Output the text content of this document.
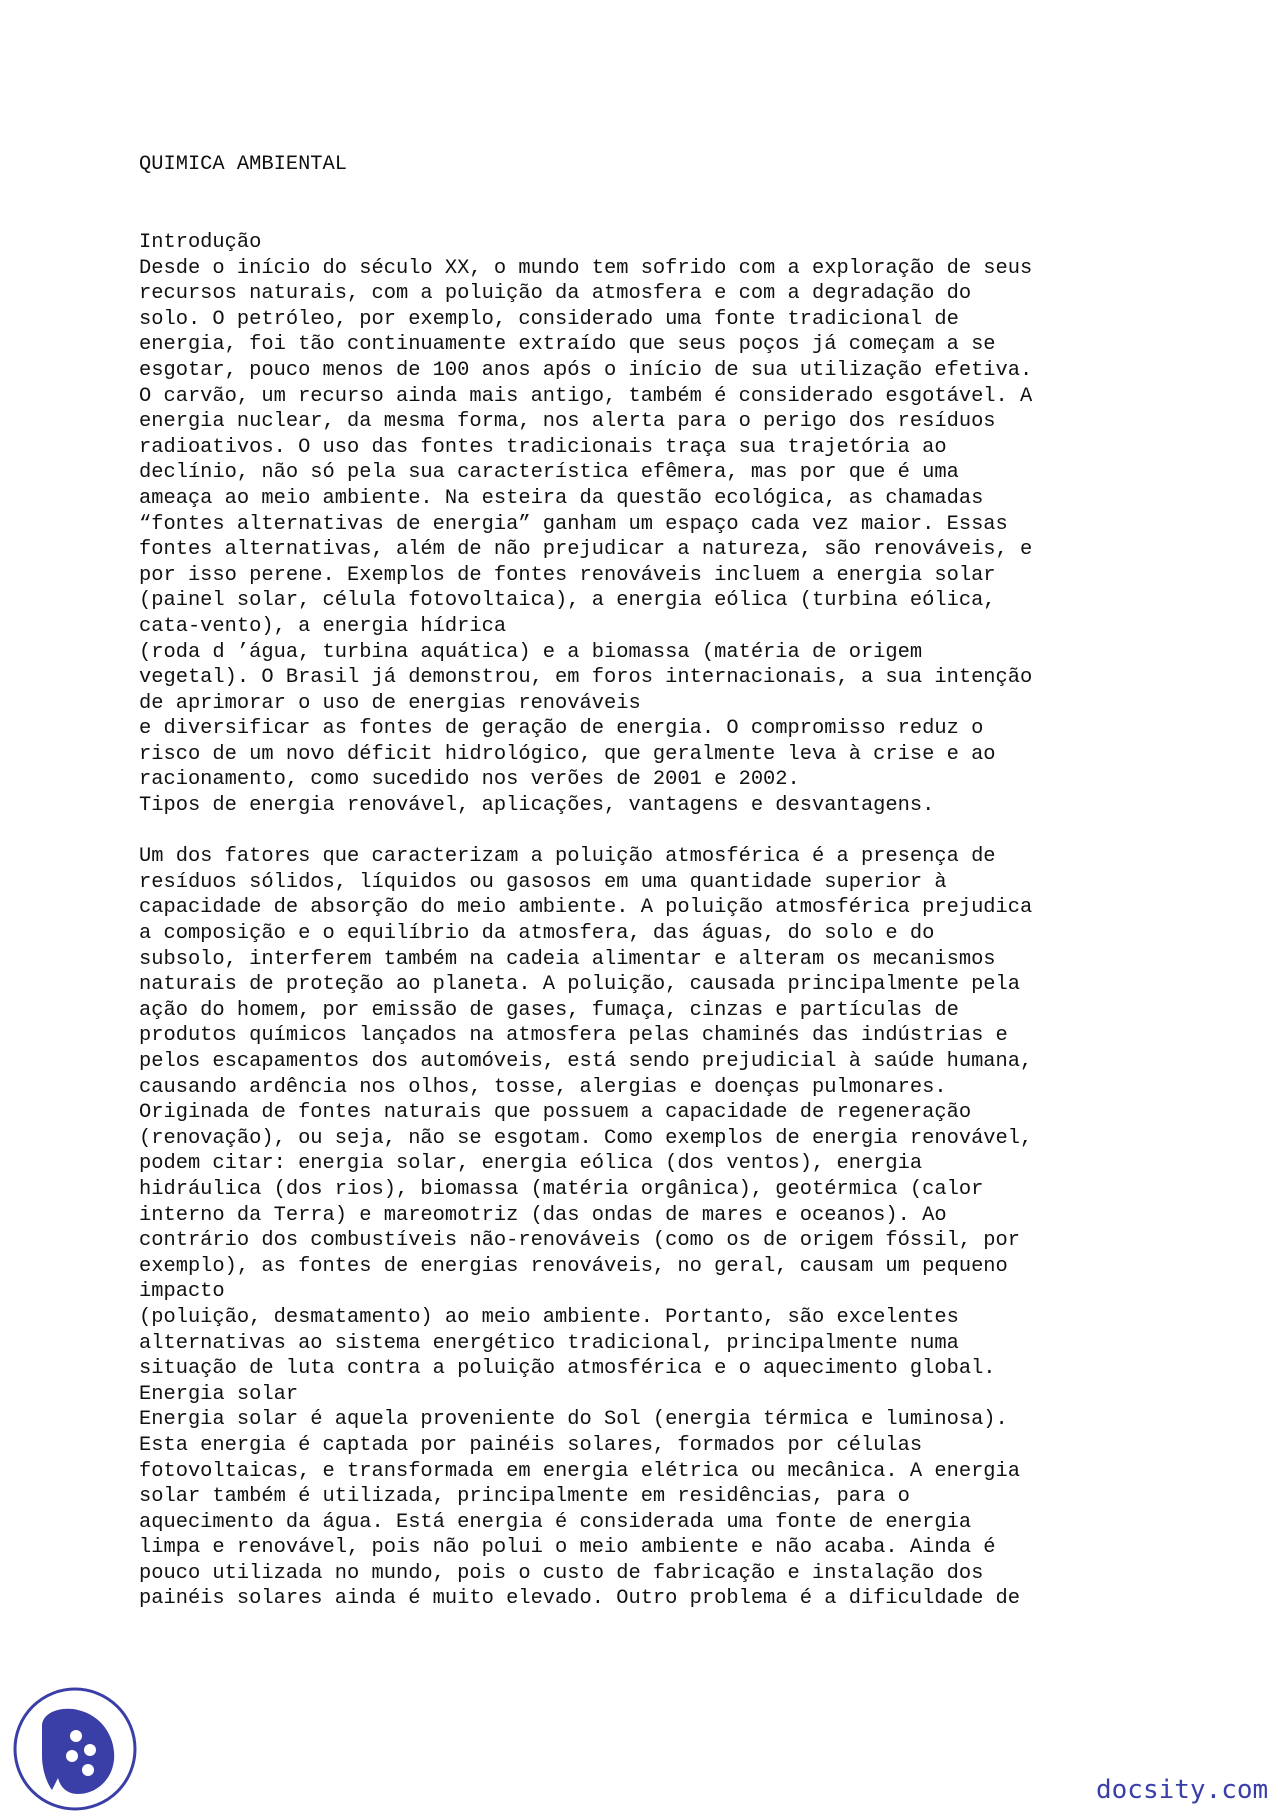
QUIMICA AMBIENTAL
Introdução
Desde o início do século XX, o mundo tem sofrido com a exploração de seus
recursos naturais, com a poluição da atmosfera e com a degradação do
solo. O petróleo, por exemplo, considerado uma fonte tradicional de
energia, foi tão continuamente extraído que seus poços já começam a se
esgotar, pouco menos de 100 anos após o início de sua utilização efetiva.
O carvão, um recurso ainda mais antigo, também é considerado esgotável. A
energia nuclear, da mesma forma, nos alerta para o perigo dos resíduos
radioativos. O uso das fontes tradicionais traça sua trajetória ao
declínio, não só pela sua característica efêmera, mas por que é uma
ameaça ao meio ambiente. Na esteira da questão ecológica, as chamadas
“fontes alternativas de energia” ganham um espaço cada vez maior. Essas
fontes alternativas, além de não prejudicar a natureza, são renováveis, e
por isso perene. Exemplos de fontes renováveis incluem a energia solar
(painel solar, célula fotovoltaica), a energia eólica (turbina eólica,
cata-vento), a energia hídrica
(roda d ’água, turbina aquática) e a biomassa (matéria de origem
vegetal). O Brasil já demonstrou, em foros internacionais, a sua intenção
de aprimorar o uso de energias renováveis
e diversificar as fontes de geração de energia. O compromisso reduz o
risco de um novo déficit hidrológico, que geralmente leva à crise e ao
racionamento, como sucedido nos verões de 2001 e 2002.
Tipos de energia renovável, aplicações, vantagens e desvantagens.
Um dos fatores que caracterizam a poluição atmosférica é a presença de
resíduos sólidos, líquidos ou gasosos em uma quantidade superior à
capacidade de absorção do meio ambiente. A poluição atmosférica prejudica
a composição e o equilíbrio da atmosfera, das águas, do solo e do
subsolo, interferem também na cadeia alimentar e alteram os mecanismos
naturais de proteção ao planeta. A poluição, causada principalmente pela
ação do homem, por emissão de gases, fumaça, cinzas e partículas de
produtos químicos lançados na atmosfera pelas chaminés das indústrias e
pelos escapamentos dos automóveis, está sendo prejudicial à saúde humana,
causando ardência nos olhos, tosse, alergias e doenças pulmonares.
Originada de fontes naturais que possuem a capacidade de regeneração
(renovação), ou seja, não se esgotam. Como exemplos de energia renovável,
podem citar: energia solar, energia eólica (dos ventos), energia
hidráulica (dos rios), biomassa (matéria orgânica), geotérmica (calor
interno da Terra) e mareomotriz (das ondas de mares e oceanos). Ao
contrário dos combustíveis não-renováveis (como os de origem fóssil, por
exemplo), as fontes de energias renováveis, no geral, causam um pequeno
impacto
(poluição, desmatamento) ao meio ambiente. Portanto, são excelentes
alternativas ao sistema energético tradicional, principalmente numa
situação de luta contra a poluição atmosférica e o aquecimento global.
Energia solar
Energia solar é aquela proveniente do Sol (energia térmica e luminosa).
Esta energia é captada por painéis solares, formados por células
fotovoltaicas, e transformada em energia elétrica ou mecânica. A energia
solar também é utilizada, principalmente em residências, para o
aquecimento da água. Está energia é considerada uma fonte de energia
limpa e renovável, pois não polui o meio ambiente e não acaba. Ainda é
pouco utilizada no mundo, pois o custo de fabricação e instalação dos
painéis solares ainda é muito elevado. Outro problema é a dificuldade de
docsity.com
